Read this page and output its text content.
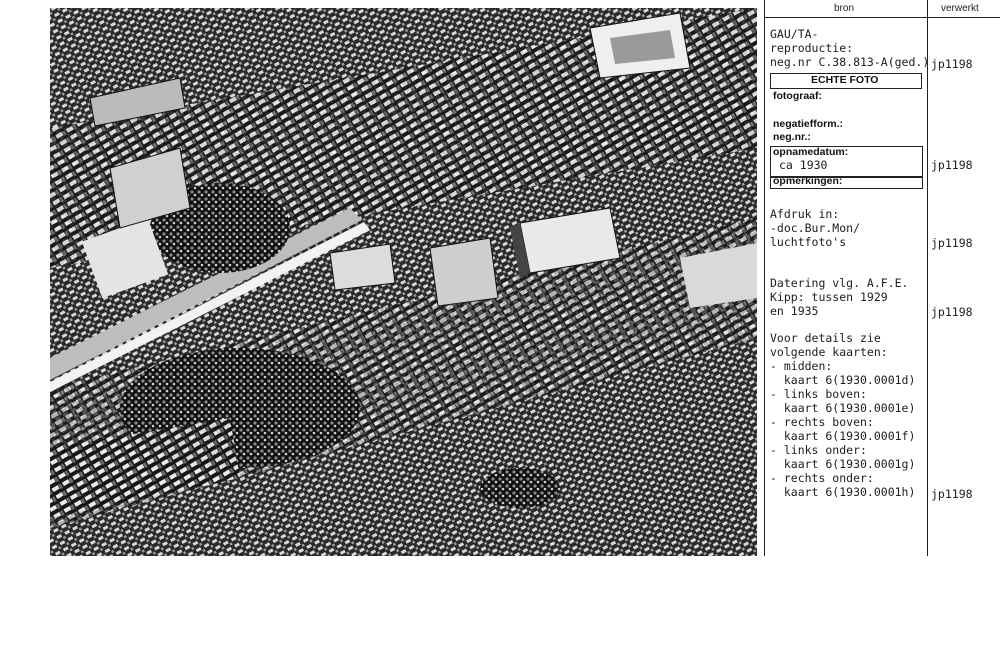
bron	verwerkt
GAU/TA-
reproductie:
neg.nr C.38.813-A(ged.) jp1198
ECHTE FOTO
fotograaf:
negatiefform.:
neg.nr.:
opnamedatum:
ca 1930	jp1198
opmerkingen:
Afdruk in:
-doc.Bur.Mon/
luchtfoto's	jp1198
Datering vlg. A.F.E.
Kipp: tussen 1929
en 1935	jp1198
Voor details zie
volgende kaarten:
- midden:
kaart 6(1930.0001d)
- links boven:
kaart 6(1930.0001e)
- rechts boven:
kaart 6(1930.0001f)
- links onder:
kaart 6(1930.0001g)
- rechts onder:
kaart 6(1930.0001h) jp1198
